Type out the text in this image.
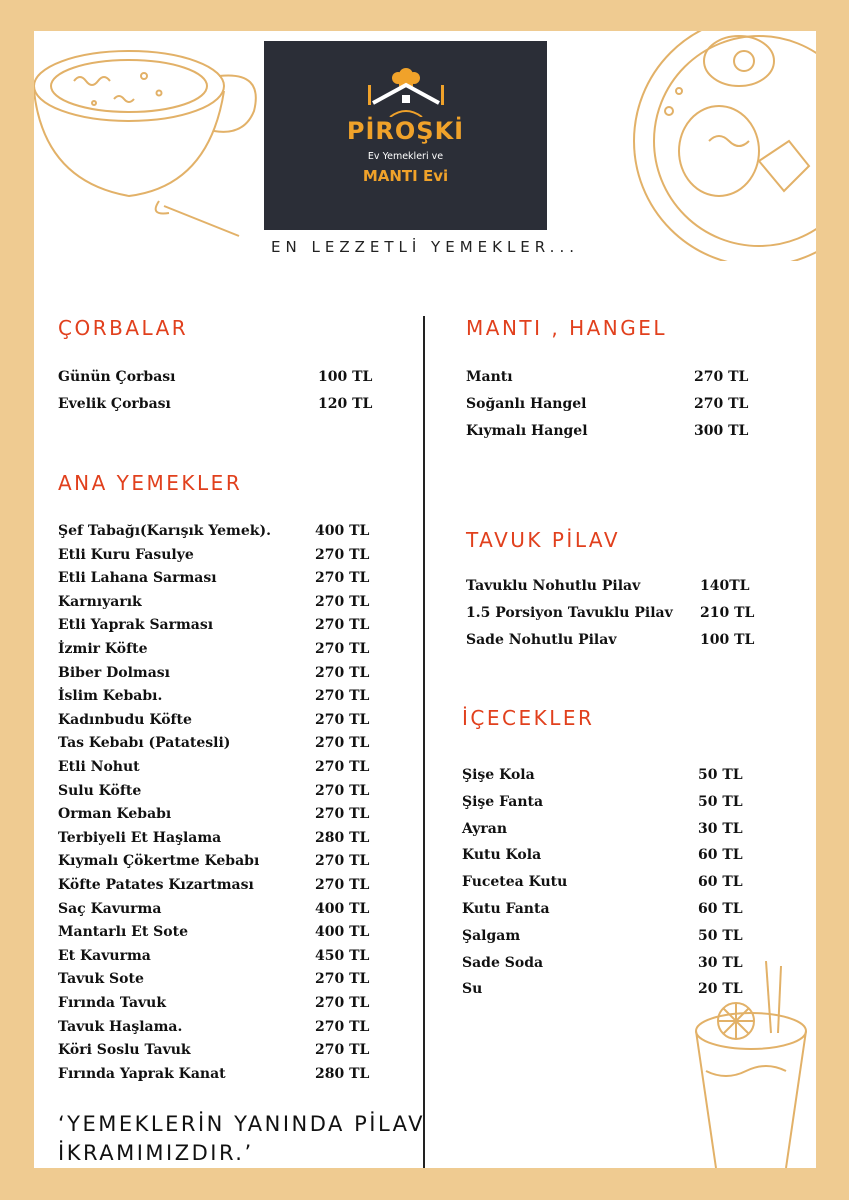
PİROŞKİ
Ev Yemekleri ve
MANTI Evi
EN LEZZETLİ YEMEKLER...
ÇORBALAR
Günün Çorbası	100 TL
Evelik Çorbası	120 TL
ANA YEMEKLER
Şef Tabağı(Karışık Yemek).	400 TL
Etli Kuru Fasulye	270 TL
Etli Lahana Sarması	270 TL
Karnıyarık	270 TL
Etli Yaprak Sarması	270 TL
İzmir Köfte	270 TL
Biber Dolması	270 TL
İslim Kebabı.	270 TL
Kadınbudu Köfte	270 TL
Tas Kebabı (Patatesli)	270 TL
Etli Nohut	270 TL
Sulu Köfte	270 TL
Orman Kebabı	270 TL
Terbiyeli Et Haşlama	280 TL
Kıymalı Çökertme Kebabı	270 TL
Köfte Patates Kızartması	270 TL
Saç Kavurma	400 TL
Mantarlı Et Sote	400 TL
Et Kavurma	450 TL
Tavuk Sote	270 TL
Fırında Tavuk	270 TL
Tavuk Haşlama.	270 TL
Köri Soslu Tavuk	270 TL
Fırında Yaprak Kanat	280 TL
MANTI , HANGEL
Mantı	270 TL
Soğanlı Hangel	270 TL
Kıymalı Hangel	300 TL
TAVUK PİLAV
Tavuklu Nohutlu Pilav	140TL
1.5 Porsiyon Tavuklu Pilav 210 TL
Sade Nohutlu Pilav	100 TL
İÇECEKLER
Şişe Kola	50 TL
Şişe Fanta	50 TL
Ayran	30 TL
Kutu Kola	60 TL
Fucetea Kutu	60 TL
Kutu Fanta	60 TL
Şalgam	50 TL
Sade Soda	30 TL
Su	20 TL
‘YEMEKLERİN YANINDA PİLAV
İKRAMIMIZDIR.’
